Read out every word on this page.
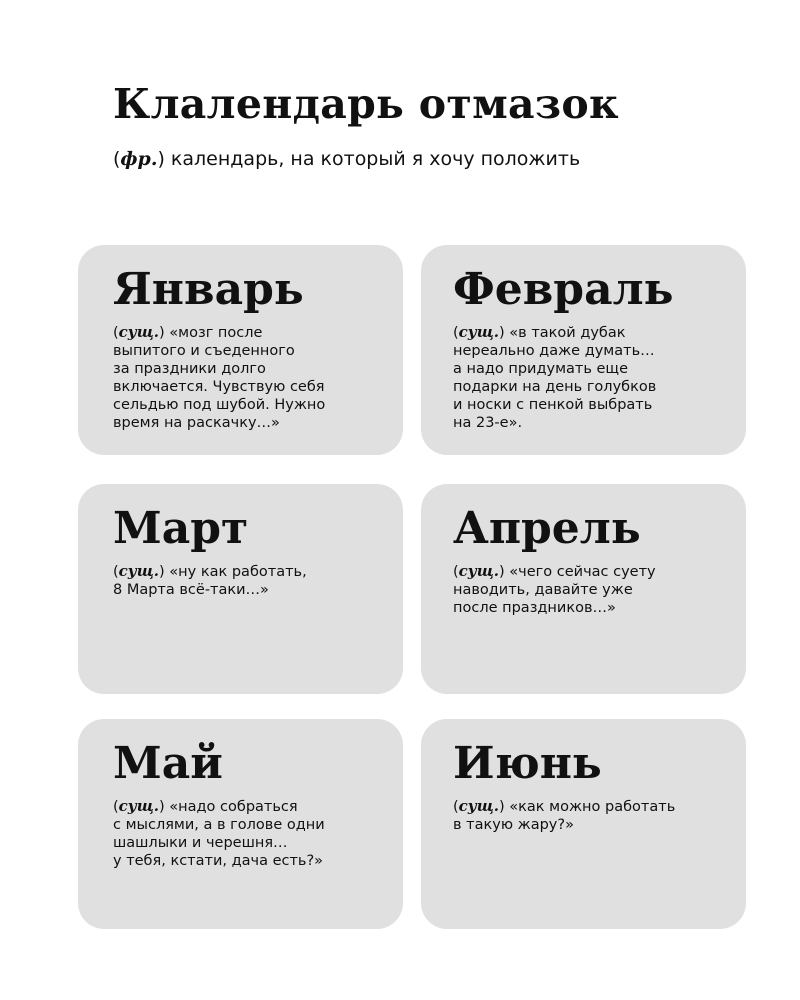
Клалендарь отмазок

(фр.) календарь, на который я хочу положить

Январь

(сущ.) «мозг после
выпитого и съеденного
за праздники долго
включается. Чувствую себя
сельдью под шубой. Нужно
время на раскачку…»

Февраль

(сущ.) «в такой дубак
нереально даже думать…
а надо придумать еще
подарки на день голубков
и носки с пенкой выбрать
на 23-е».

Март

(сущ.) «ну как работать,
8 Марта всё-таки…»

Апрель

(сущ.) «чего сейчас суету
наводить, давайте уже
после праздников…»

Май

(сущ.) «надо собраться
с мыслями, а в голове одни
шашлыки и черешня…
у тебя, кстати, дача есть?»

Июнь

(сущ.) «как можно работать
в такую жару?»
